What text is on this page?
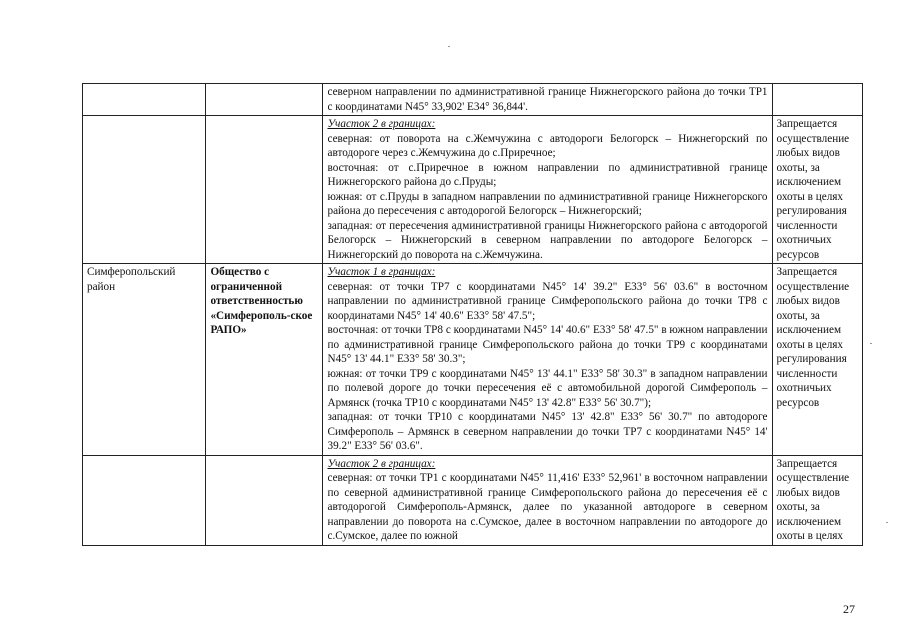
		северном направлении по административной границе Нижнегорского района до точки ТР1 с координатами N45° 33,902' E34° 36,844'.	

		Участок 2 в границах:
северная: от поворота на с.Жемчужина с автодороги Белогорск – Нижнегорский по автодороге через с.Жемчужина до с.Приречное;
восточная: от с.Приречное в южном направлении по административной границе Нижнегорского района до с.Пруды;
южная: от с.Пруды в западном направлении по административной границе Нижнегорского района до пересечения с автодорогой Белогорск – Нижнегорский;
западная: от пересечения административной границы Нижнегорского района с автодорогой Белогорск – Нижнегорский в северном направлении по автодороге Белогорск – Нижнегорский до поворота на с.Жемчужина.	Запрещается осуществление любых видов охоты, за исключением охоты в целях регулирования численности охотничьих ресурсов
Симферопольский район	Общество с ограниченной ответственностью «Симферополь-ское РАПО»	Участок 1 в границах:
северная: от точки ТР7 с координатами N45° 14' 39.2" E33° 56' 03.6" в восточном направлении по административной границе Симферопольского района до точки ТР8 с координатами N45° 14' 40.6" E33° 58' 47.5";
восточная: от точки ТР8 с координатами N45° 14' 40.6" E33° 58' 47.5" в южном направлении по административной границе Симферопольского района до точки ТР9 с координатами N45° 13' 44.1" E33° 58' 30.3";
южная: от точки ТР9 с координатами N45° 13' 44.1" E33° 58' 30.3" в западном направлении по полевой дороге до точки пересечения её с автомобильной дорогой Симферополь – Армянск (точка ТР10 с координатами N45° 13' 42.8" E33° 56' 30.7");
западная: от точки ТР10 с координатами N45° 13' 42.8" E33° 56' 30.7" по автодороге Симферополь – Армянск в северном направлении до точки ТР7 с координатами N45° 14' 39.2" E33° 56' 03.6".	Запрещается осуществление любых видов охоты, за исключением охоты в целях регулирования численности охотничьих ресурсов

		Участок 2 в границах:
северная: от точки ТР1 с координатами N45° 11,416' E33° 52,961' в восточном направлении по северной административной границе Симферопольского района до пересечения её с автодорогой Симферополь-Армянск, далее по указанной автодороге в северном направлении до поворота на с.Сумское, далее в восточном направлении по автодороге до с.Сумское, далее по южной	Запрещается осуществление любых видов охоты, за исключением охоты в целях
27
